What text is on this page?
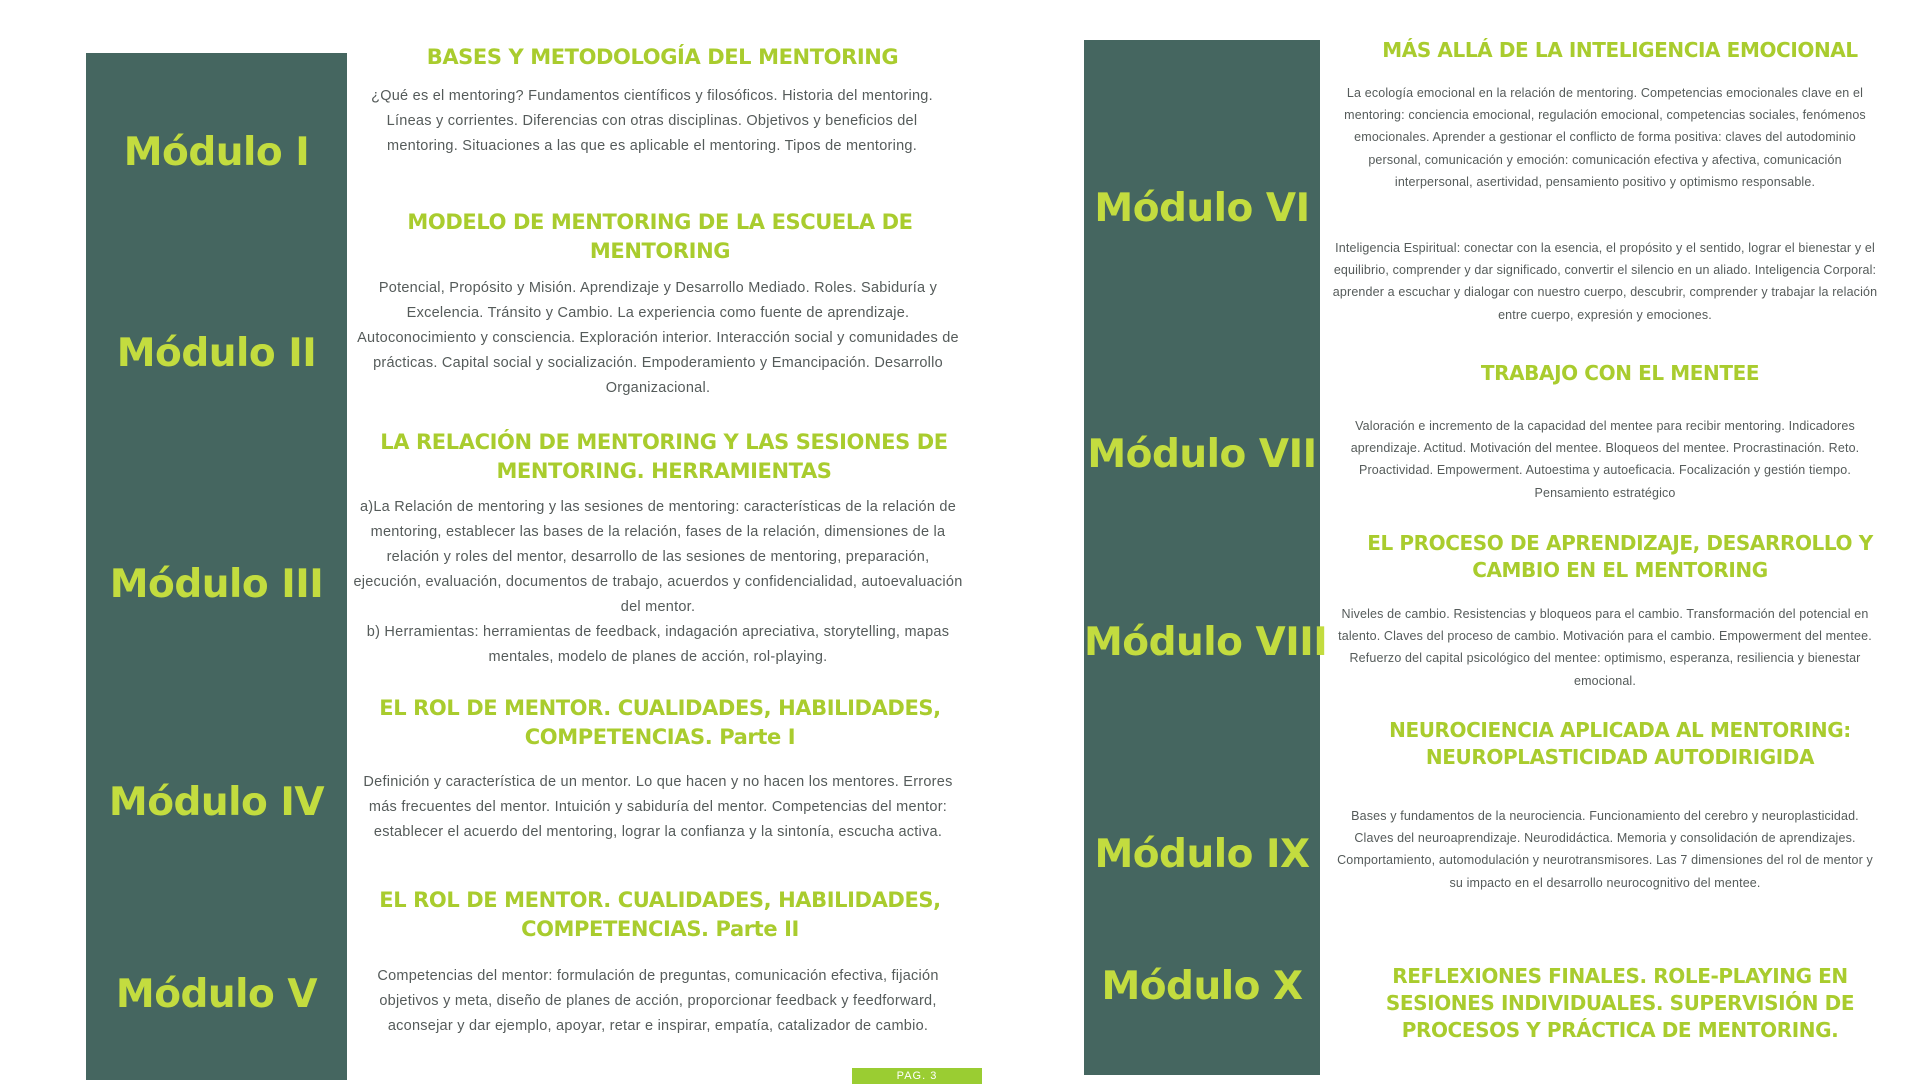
Módulo I
Módulo II
Módulo III
Módulo IV
Módulo V
BASES Y METODOLOGÍA DEL MENTORING
¿Qué es el mentoring? Fundamentos científicos y filosóficos. Historia del mentoring. Líneas y corrientes. Diferencias con otras disciplinas. Objetivos y beneficios del mentoring. Situaciones a las que es aplicable el mentoring. Tipos de mentoring.
MODELO DE MENTORING DE LA ESCUELA DE MENTORING
Potencial, Propósito y Misión. Aprendizaje y Desarrollo Mediado. Roles. Sabiduría y Excelencia. Tránsito y Cambio. La experiencia como fuente de aprendizaje. Autoconocimiento y consciencia. Exploración interior. Interacción social y comunidades de prácticas. Capital social y socialización. Empoderamiento y Emancipación. Desarrollo Organizacional.
LA RELACIÓN DE MENTORING Y LAS SESIONES DE MENTORING. HERRAMIENTAS
a)La Relación de mentoring y las sesiones de mentoring: características de la relación de mentoring, establecer las bases de la relación, fases de la relación, dimensiones de la relación y roles del mentor, desarrollo de las sesiones de mentoring, preparación, ejecución, evaluación, documentos de trabajo, acuerdos y confidencialidad, autoevaluación del mentor.
b) Herramientas: herramientas de feedback, indagación apreciativa, storytelling, mapas mentales, modelo de planes de acción, rol-playing.
EL ROL DE MENTOR. CUALIDADES, HABILIDADES, COMPETENCIAS. Parte I
Definición y característica de un mentor. Lo que hacen y no hacen los mentores. Errores más frecuentes del mentor. Intuición y sabiduría del mentor. Competencias del mentor: establecer el acuerdo del mentoring, lograr la confianza y la sintonía, escucha activa.
EL ROL DE MENTOR. CUALIDADES, HABILIDADES, COMPETENCIAS. Parte II
Competencias del mentor: formulación de preguntas, comunicación efectiva, fijación objetivos y meta, diseño de planes de acción, proporcionar feedback y feedforward, aconsejar y dar ejemplo, apoyar, retar e inspirar, empatía, catalizador de cambio.
PAG. 3
Módulo VI
Módulo VII
Módulo VIII
Módulo IX
Módulo X
MÁS ALLÁ DE LA INTELIGENCIA EMOCIONAL
La ecología emocional en la relación de mentoring. Competencias emocionales clave en el mentoring: conciencia emocional, regulación emocional, competencias sociales, fenómenos emocionales. Aprender a gestionar el conflicto de forma positiva: claves del autodominio personal, comunicación y emoción: comunicación efectiva y afectiva, comunicación interpersonal, asertividad, pensamiento positivo y optimismo responsable.
Inteligencia Espiritual: conectar con la esencia, el propósito y el sentido, lograr el bienestar y el equilibrio, comprender y dar significado, convertir el silencio en un aliado. Inteligencia Corporal: aprender a escuchar y dialogar con nuestro cuerpo, descubrir, comprender y trabajar la relación entre cuerpo, expresión y emociones.
TRABAJO CON EL MENTEE
Valoración e incremento de la capacidad del mentee para recibir mentoring. Indicadores aprendizaje. Actitud. Motivación del mentee. Bloqueos del mentee. Procrastinación. Reto. Proactividad. Empowerment. Autoestima y autoeficacia. Focalización y gestión tiempo. Pensamiento estratégico
EL PROCESO DE APRENDIZAJE, DESARROLLO Y CAMBIO EN EL MENTORING
Niveles de cambio. Resistencias y bloqueos para el cambio. Transformación del potencial en talento. Claves del proceso de cambio. Motivación para el cambio. Empowerment del mentee. Refuerzo del capital psicológico del mentee: optimismo, esperanza, resiliencia y bienestar emocional.
NEUROCIENCIA APLICADA AL MENTORING: NEUROPLASTICIDAD AUTODIRIGIDA
Bases y fundamentos de la neurociencia. Funcionamiento del cerebro y neuroplasticidad. Claves del neuroaprendizaje. Neurodidáctica. Memoria y consolidación de aprendizajes. Comportamiento, automodulación y neurotransmisores. Las 7 dimensiones del rol de mentor y su impacto en el desarrollo neurocognitivo del mentee.
REFLEXIONES FINALES. ROLE-PLAYING EN SESIONES INDIVIDUALES. SUPERVISIÓN DE PROCESOS Y PRÁCTICA DE MENTORING.
